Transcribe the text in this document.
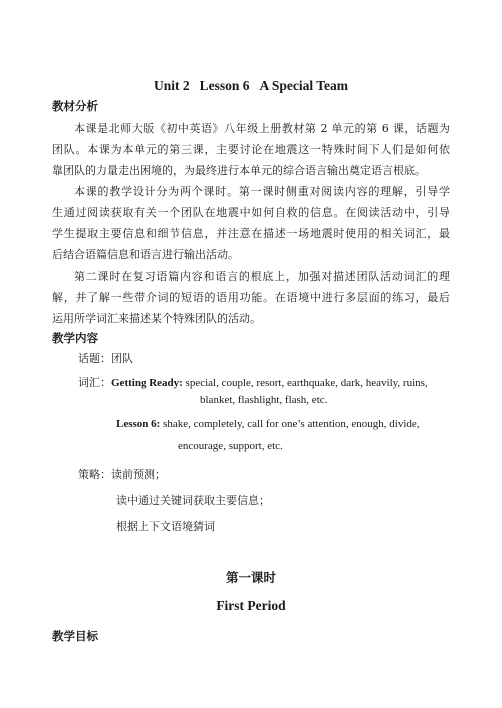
Unit 2 Lesson 6 A Special Team
教材分析
本课是北师大版《初中英语》八年级上册教材第 2 单元的第 6 课，话题为
团队。本课为本单元的第三课，主要讨论在地震这一特殊时间下人们是如何依
靠团队的力量走出困境的，为最终进行本单元的综合语言输出奠定语言根底。
本课的教学设计分为两个课时。第一课时侧重对阅读内容的理解，引导学
生通过阅读获取有关一个团队在地震中如何自救的信息。在阅读活动中，引导
学生提取主要信息和细节信息，并注意在描述一场地震时使用的相关词汇，最
后结合语篇信息和语言进行输出活动。
第二课时在复习语篇内容和语言的根底上，加强对描述团队活动词汇的理
解，并了解一些带介词的短语的语用功能。在语境中进行多层面的练习，最后
运用所学词汇来描述某个特殊团队的活动。
教学内容
话题：团队
词汇：Getting Ready: special, couple, resort, earthquake, dark, heavily, ruins,
blanket, flashlight, flash, etc.
Lesson 6: shake, completely, call for one’s attention, enough, divide,
encourage, support, etc.
策略：读前预测；
读中通过关键词获取主要信息；
根据上下文语境猜词
第一课时
First Period
教学目标
